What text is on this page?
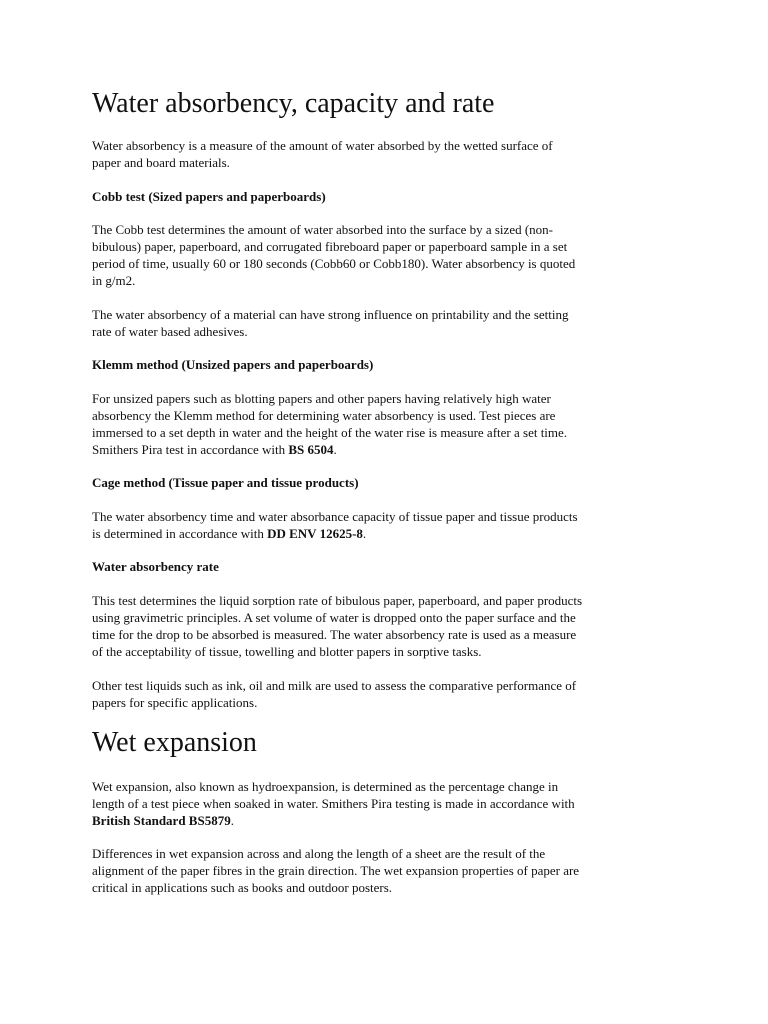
Water absorbency, capacity and rate

Water absorbency is a measure of the amount of water absorbed by the wetted surface of
paper and board materials.

Cobb test (Sized papers and paperboards)

The Cobb test determines the amount of water absorbed into the surface by a sized (non-
bibulous) paper, paperboard, and corrugated fibreboard paper or paperboard sample in a set
period of time, usually 60 or 180 seconds (Cobb60 or Cobb180). Water absorbency is quoted
in g/m2.

The water absorbency of a material can have strong influence on printability and the setting
rate of water based adhesives.

Klemm method (Unsized papers and paperboards)

For unsized papers such as blotting papers and other papers having relatively high water
absorbency the Klemm method for determining water absorbency is used. Test pieces are
immersed to a set depth in water and the height of the water rise is measure after a set time.
Smithers Pira test in accordance with BS 6504.

Cage method (Tissue paper and tissue products)

The water absorbency time and water absorbance capacity of tissue paper and tissue products
is determined in accordance with DD ENV 12625-8.

Water absorbency rate

This test determines the liquid sorption rate of bibulous paper, paperboard, and paper products
using gravimetric principles. A set volume of water is dropped onto the paper surface and the
time for the drop to be absorbed is measured. The water absorbency rate is used as a measure
of the acceptability of tissue, towelling and blotter papers in sorptive tasks.

Other test liquids such as ink, oil and milk are used to assess the comparative performance of
papers for specific applications.

Wet expansion

Wet expansion, also known as hydroexpansion, is determined as the percentage change in
length of a test piece when soaked in water. Smithers Pira testing is made in accordance with
British Standard BS5879.

Differences in wet expansion across and along the length of a sheet are the result of the
alignment of the paper fibres in the grain direction. The wet expansion properties of paper are
critical in applications such as books and outdoor posters.
